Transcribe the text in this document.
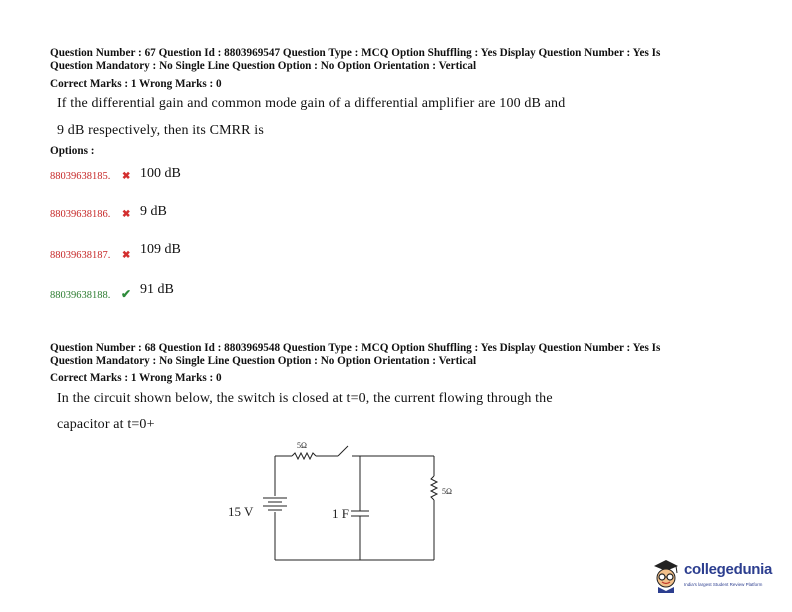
Question Number : 67 Question Id : 8803969547 Question Type : MCQ Option Shuffling : Yes Display Question Number : Yes Is
Question Mandatory : No Single Line Question Option : No Option Orientation : Vertical
Correct Marks : 1 Wrong Marks : 0
If the differential gain and common mode gain of a differential amplifier are 100 dB and
9 dB respectively, then its CMRR is
Options :
88039638185. ✖ 100 dB
88039638186. ✖ 9 dB
88039638187. ✖ 109 dB
88039638188. ✔ 91 dB
Question Number : 68 Question Id : 8803969548 Question Type : MCQ Option Shuffling : Yes Display Question Number : Yes Is
Question Mandatory : No Single Line Question Option : No Option Orientation : Vertical
Correct Marks : 1 Wrong Marks : 0
In the circuit shown below, the switch is closed at t=0, the current flowing through the
capacitor at t=0+
5Ω
5Ω
15 V	1 F
collegedunia
India's largest Student Review Platform
